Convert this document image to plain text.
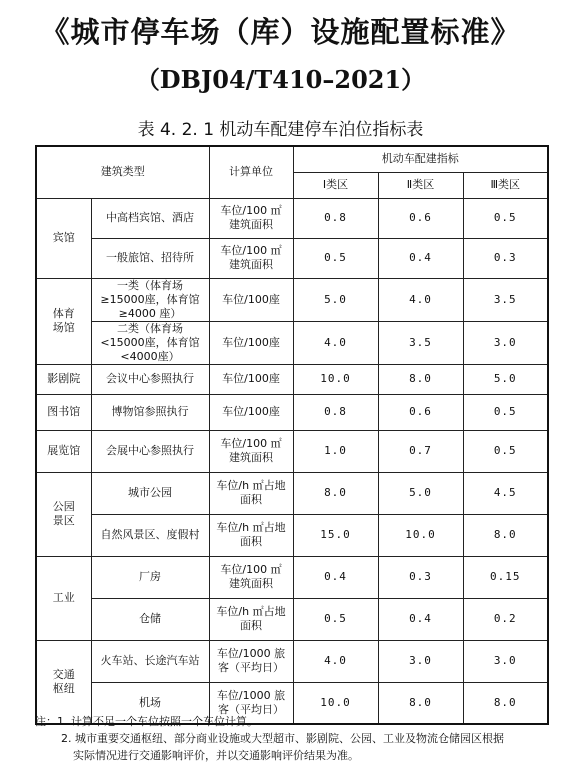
《城市停车场（库）设施配置标准》
（DBJ04/T410–2021）
表 4. 2. 1 机动车配建停车泊位指标表
建筑类型		计算单位	机动车配建指标		
			Ⅰ类区	Ⅱ类区	Ⅲ类区
宾馆	中高档宾馆、酒店	车位/100 ㎡建筑面积	0.8	0.6	0.5
	一般旅馆、招待所	车位/100 ㎡建筑面积	0.5	0.4	0.3
体育场馆	一类（体育场≥15000座，体育馆≥4000 座）	车位/100座	5.0	4.0	3.5
	二类（体育场<15000座，体育馆<4000座）	车位/100座	4.0	3.5	3.0
影剧院	会议中心参照执行	车位/100座	10.0	8.0	5.0
图书馆	博物馆参照执行	车位/100座	0.8	0.6	0.5
展览馆	会展中心参照执行	车位/100 ㎡建筑面积	1.0	0.7	0.5
公园景区	城市公园	车位/h ㎡占地面积	8.0	5.0	4.5
	自然风景区、度假村	车位/h ㎡占地面积	15.0	10.0	8.0
工业	厂房	车位/100 ㎡建筑面积	0.4	0.3	0.15
	仓储	车位/h ㎡占地面积	0.5	0.4	0.2
交通枢纽	火车站、长途汽车站	车位/1000 旅客（平均日）	4.0	3.0	3.0
	机场	车位/1000 旅客（平均日）	10.0	8.0	8.0
注：1. 计算不足一个车位按照一个车位计算。
2. 城市重要交通枢纽、部分商业设施或大型超市、影剧院、公园、工业及物流仓储园区根据
实际情况进行交通影响评价，并以交通影响评价结果为准。
